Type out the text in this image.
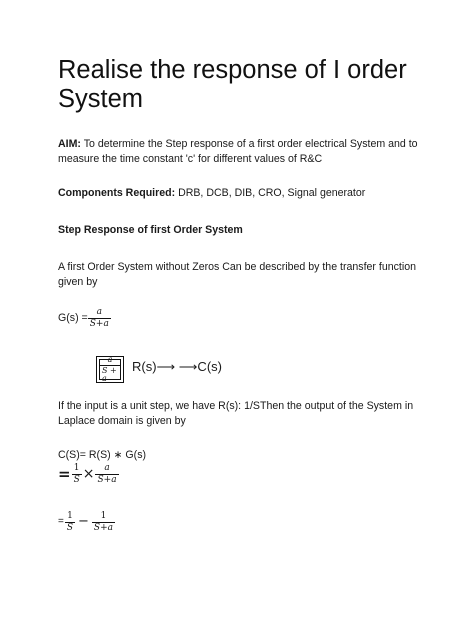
Realise the response of I order System
AIM: To determine the Step response of a first order electrical System and to measure the time constant 'c' for different values of R&C
Components Required: DRB, DCB, DIB, CRO, Signal generator
Step Response of first Order System
A first Order System without Zeros Can be described by the transfer function given by
$G(s) = \frac{a}{S+a}$
$\frac{a}{S + a}$ R(s)⟶ ⟶C(s)
If the input is a unit step, we have R(s): 1/SThen the output of the System in Laplace domain is given by
C(S)= R(S) ∗ G(s)
= $\frac{1}{S} \times \frac{a}{S+a}$
= $\frac{1}{S} - \frac{1}{S+a}$
